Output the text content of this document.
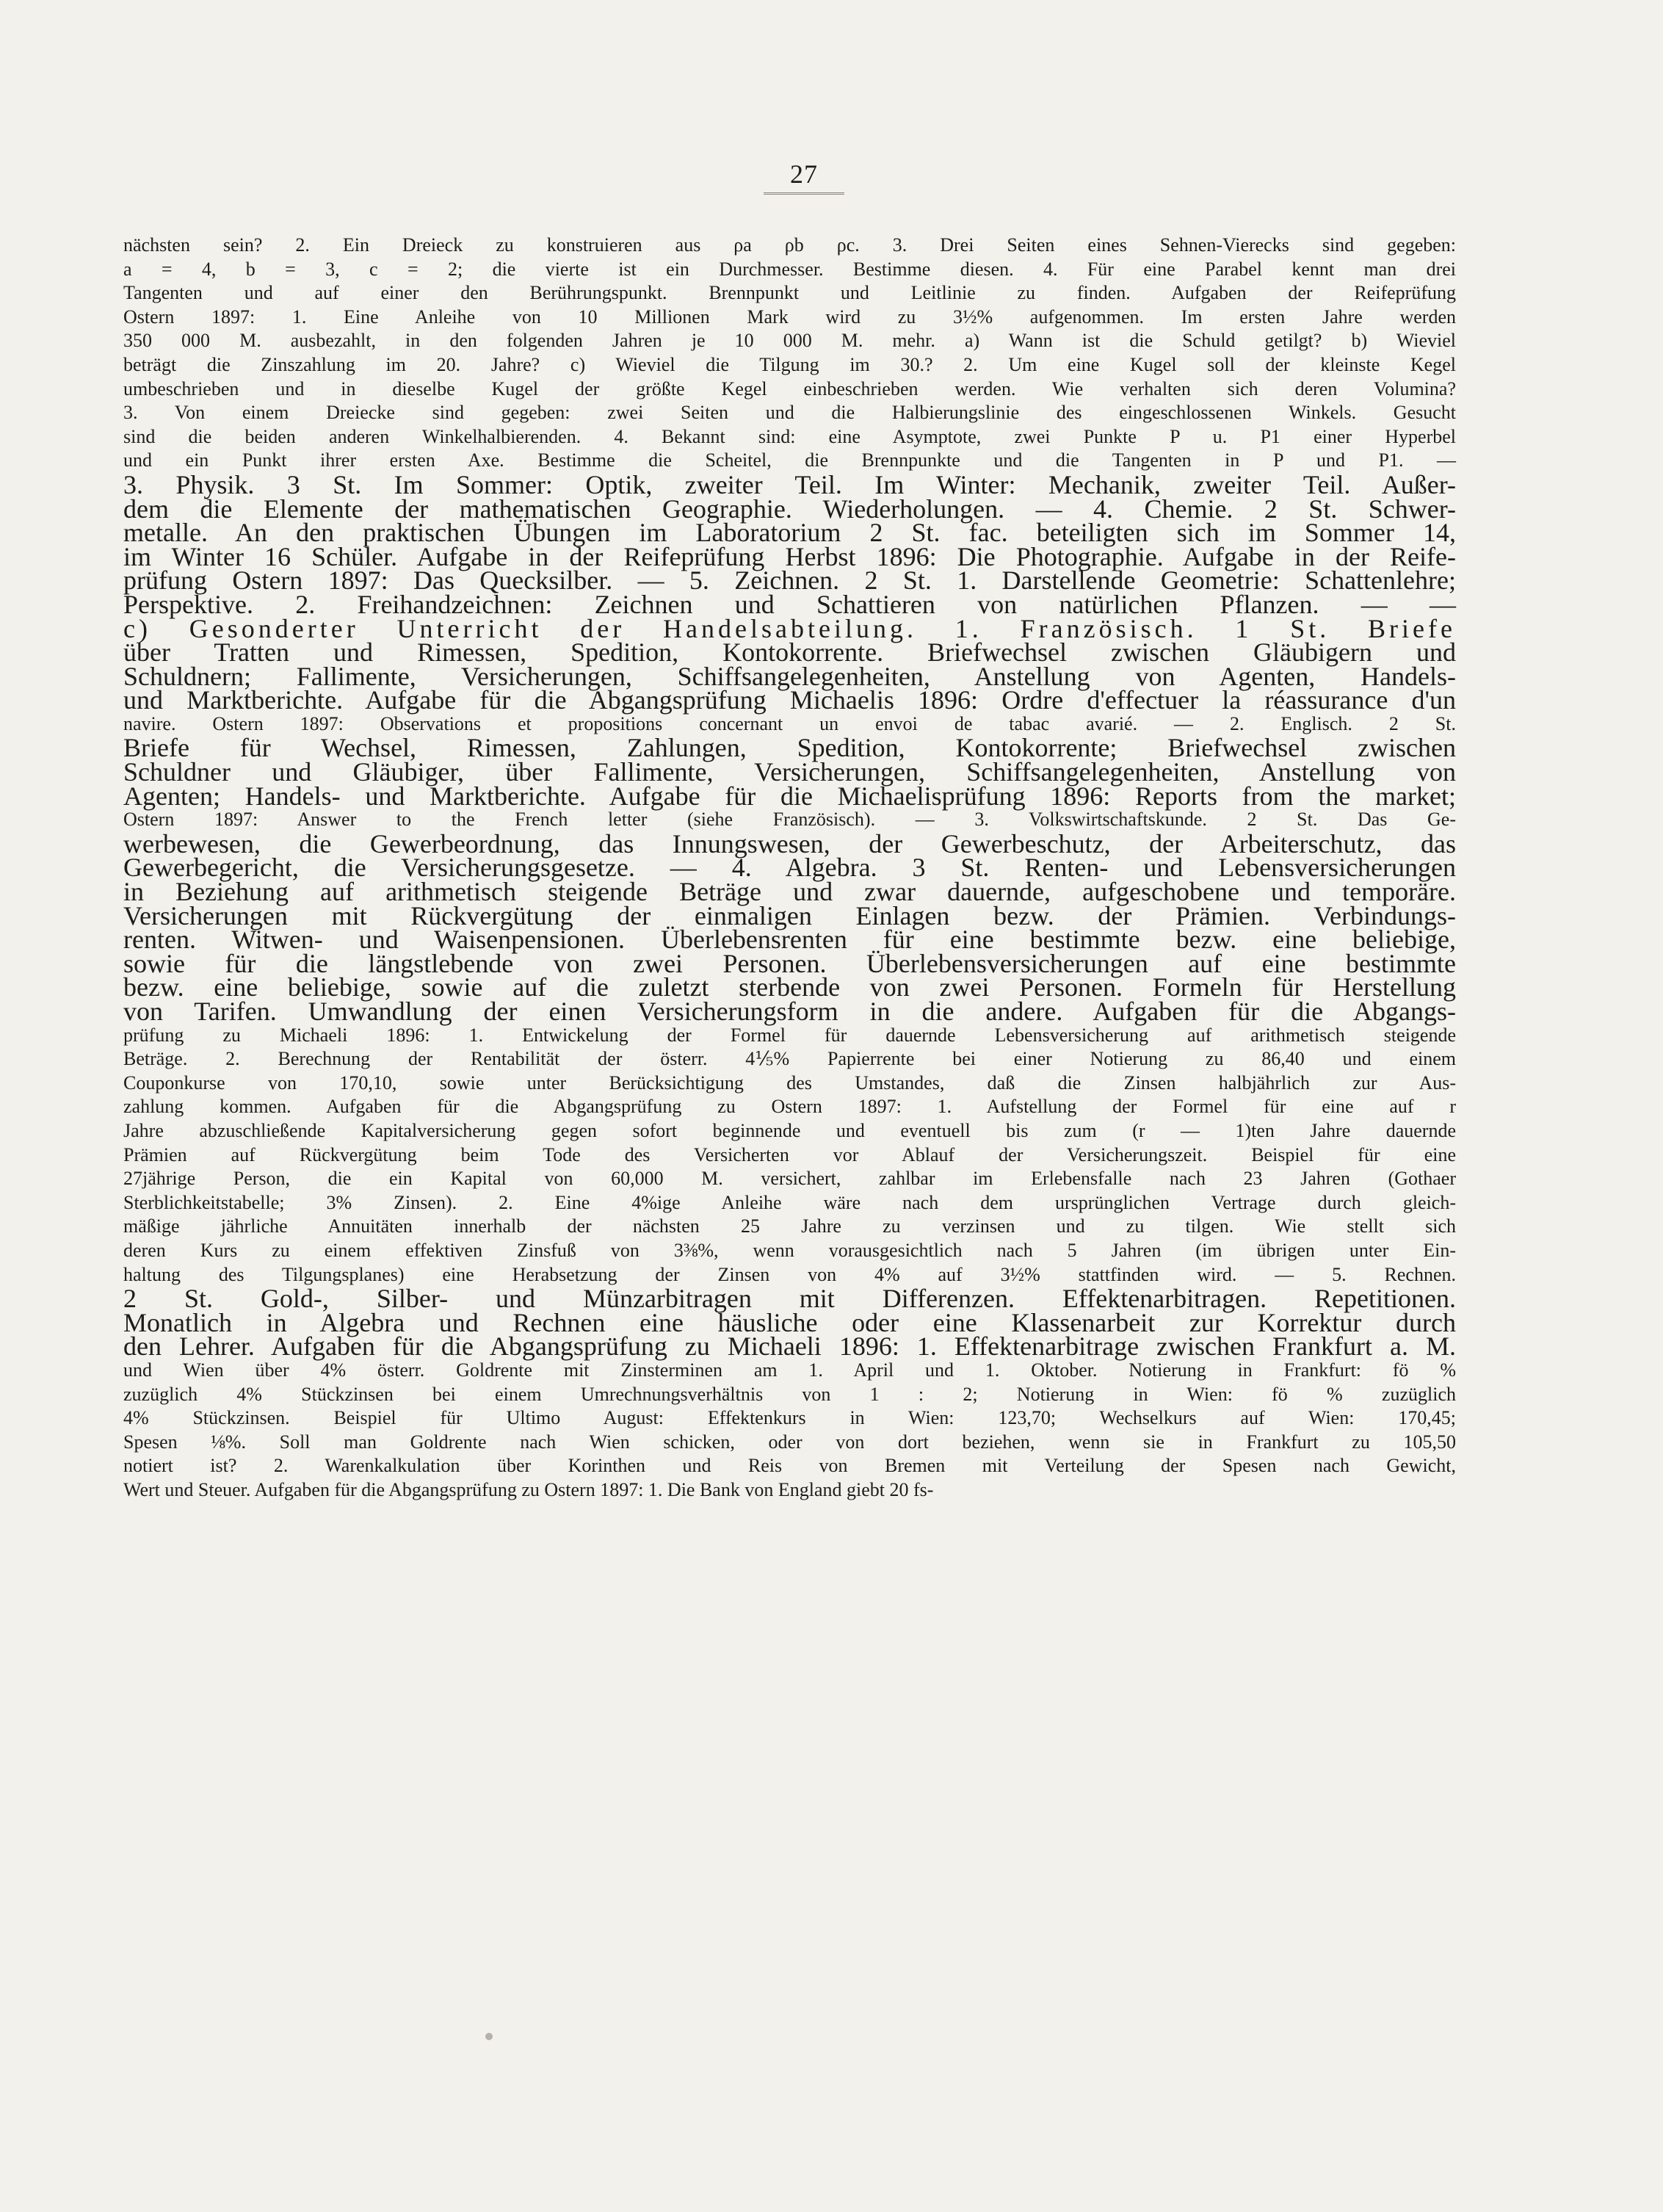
27
nächsten sein? 2. Ein Dreieck zu konstruieren aus ρa ρb ρc. 3. Drei Seiten eines Sehnen-Vierecks sind gegeben:
a = 4, b = 3, c = 2; die vierte ist ein Durchmesser. Bestimme diesen. 4. Für eine Parabel kennt man drei
Tangenten und auf einer den Berührungspunkt. Brennpunkt und Leitlinie zu finden. Aufgaben der Reifeprüfung
Ostern 1897: 1. Eine Anleihe von 10 Millionen Mark wird zu 3½% aufgenommen. Im ersten Jahre werden
350 000 M. ausbezahlt, in den folgenden Jahren je 10 000 M. mehr. a) Wann ist die Schuld getilgt? b) Wieviel
beträgt die Zinszahlung im 20. Jahre? c) Wieviel die Tilgung im 30.? 2. Um eine Kugel soll der kleinste Kegel
umbeschrieben und in dieselbe Kugel der größte Kegel einbeschrieben werden. Wie verhalten sich deren Volumina?
3. Von einem Dreiecke sind gegeben: zwei Seiten und die Halbierungslinie des eingeschlossenen Winkels. Gesucht
sind die beiden anderen Winkelhalbierenden. 4. Bekannt sind: eine Asymptote, zwei Punkte P u. P1 einer Hyperbel
und ein Punkt ihrer ersten Axe. Bestimme die Scheitel, die Brennpunkte und die Tangenten in P und P1. —
3. Physik. 3 St. Im Sommer: Optik, zweiter Teil. Im Winter: Mechanik, zweiter Teil. Außer-
dem die Elemente der mathematischen Geographie. Wiederholungen. — 4. Chemie. 2 St. Schwer-
metalle. An den praktischen Übungen im Laboratorium 2 St. fac. beteiligten sich im Sommer 14,
im Winter 16 Schüler. Aufgabe in der Reifeprüfung Herbst 1896: Die Photographie. Aufgabe in der Reife-
prüfung Ostern 1897: Das Quecksilber. — 5. Zeichnen. 2 St. 1. Darstellende Geometrie: Schattenlehre;
Perspektive. 2. Freihandzeichnen: Zeichnen und Schattieren von natürlichen Pflanzen. — —
c) Gesonderter Unterricht der Handelsabteilung. 1. Französisch. 1 St. Briefe
über Tratten und Rimessen, Spedition, Kontokorrente. Briefwechsel zwischen Gläubigern und
Schuldnern; Fallimente, Versicherungen, Schiffsangelegenheiten, Anstellung von Agenten, Handels-
und Marktberichte. Aufgabe für die Abgangsprüfung Michaelis 1896: Ordre d'effectuer la réassurance d'un
navire. Ostern 1897: Observations et propositions concernant un envoi de tabac avarié. — 2. Englisch. 2 St.
Briefe für Wechsel, Rimessen, Zahlungen, Spedition, Kontokorrente; Briefwechsel zwischen
Schuldner und Gläubiger, über Fallimente, Versicherungen, Schiffsangelegenheiten, Anstellung von
Agenten; Handels- und Marktberichte. Aufgabe für die Michaelisprüfung 1896: Reports from the market;
Ostern 1897: Answer to the French letter (siehe Französisch). — 3. Volkswirtschaftskunde. 2 St. Das Ge-
werbewesen, die Gewerbeordnung, das Innungswesen, der Gewerbeschutz, der Arbeiterschutz, das
Gewerbegericht, die Versicherungsgesetze. — 4. Algebra. 3 St. Renten- und Lebensversicherungen
in Beziehung auf arithmetisch steigende Beträge und zwar dauernde, aufgeschobene und temporäre.
Versicherungen mit Rückvergütung der einmaligen Einlagen bezw. der Prämien. Verbindungs-
renten. Witwen- und Waisenpensionen. Überlebensrenten für eine bestimmte bezw. eine beliebige,
sowie für die längstlebende von zwei Personen. Überlebensversicherungen auf eine bestimmte
bezw. eine beliebige, sowie auf die zuletzt sterbende von zwei Personen. Formeln für Herstellung
von Tarifen. Umwandlung der einen Versicherungsform in die andere. Aufgaben für die Abgangs-
prüfung zu Michaeli 1896: 1. Entwickelung der Formel für dauernde Lebensversicherung auf arithmetisch steigende
Beträge. 2. Berechnung der Rentabilität der österr. 4⅕% Papierrente bei einer Notierung zu 86,40 und einem
Couponkurse von 170,10, sowie unter Berücksichtigung des Umstandes, daß die Zinsen halbjährlich zur Aus-
zahlung kommen. Aufgaben für die Abgangsprüfung zu Ostern 1897: 1. Aufstellung der Formel für eine auf r
Jahre abzuschließende Kapitalversicherung gegen sofort beginnende und eventuell bis zum (r — 1)ten Jahre dauernde
Prämien auf Rückvergütung beim Tode des Versicherten vor Ablauf der Versicherungszeit. Beispiel für eine
27jährige Person, die ein Kapital von 60,000 M. versichert, zahlbar im Erlebensfalle nach 23 Jahren (Gothaer
Sterblichkeitstabelle; 3% Zinsen). 2. Eine 4%ige Anleihe wäre nach dem ursprünglichen Vertrage durch gleich-
mäßige jährliche Annuitäten innerhalb der nächsten 25 Jahre zu verzinsen und zu tilgen. Wie stellt sich
deren Kurs zu einem effektiven Zinsfuß von 3⅜%, wenn vorausgesichtlich nach 5 Jahren (im übrigen unter Ein-
haltung des Tilgungsplanes) eine Herabsetzung der Zinsen von 4% auf 3½% stattfinden wird. — 5. Rechnen.
2 St. Gold-, Silber- und Münzarbitragen mit Differenzen. Effektenarbitragen. Repetitionen.
Monatlich in Algebra und Rechnen eine häusliche oder eine Klassenarbeit zur Korrektur durch
den Lehrer. Aufgaben für die Abgangsprüfung zu Michaeli 1896: 1. Effektenarbitrage zwischen Frankfurt a. M.
und Wien über 4% österr. Goldrente mit Zinsterminen am 1. April und 1. Oktober. Notierung in Frankfurt: fö %
zuzüglich 4% Stückzinsen bei einem Umrechnungsverhältnis von 1 : 2; Notierung in Wien: fö % zuzüglich
4% Stückzinsen. Beispiel für Ultimo August: Effektenkurs in Wien: 123,70; Wechselkurs auf Wien: 170,45;
Spesen ⅛%. Soll man Goldrente nach Wien schicken, oder von dort beziehen, wenn sie in Frankfurt zu 105,50
notiert ist? 2. Warenkalkulation über Korinthen und Reis von Bremen mit Verteilung der Spesen nach Gewicht,
Wert und Steuer. Aufgaben für die Abgangsprüfung zu Ostern 1897: 1. Die Bank von England giebt 20 fs-
